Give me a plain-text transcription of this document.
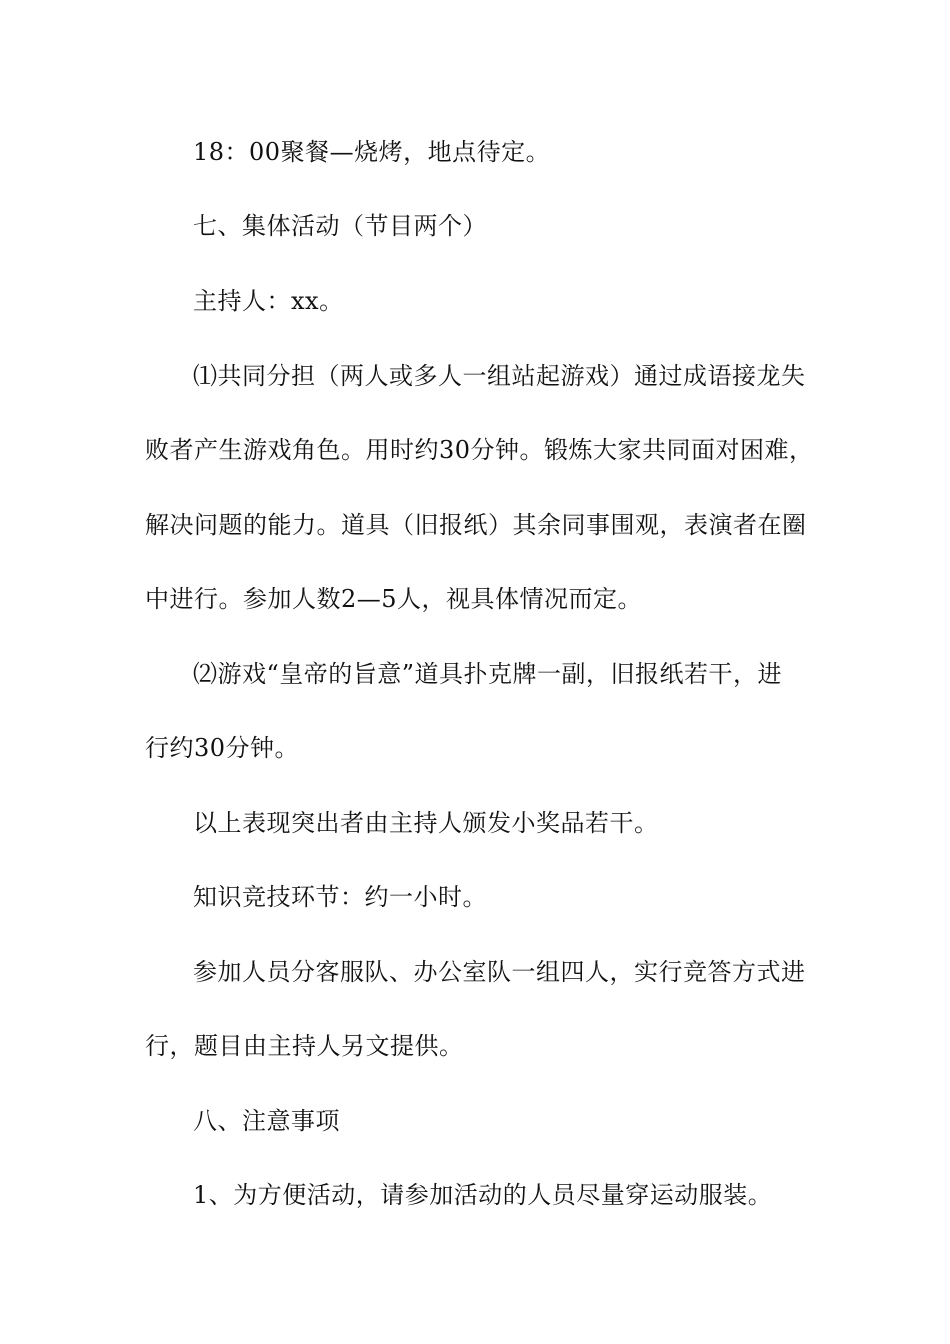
18：00聚餐—烧烤，地点待定。
七、集体活动（节目两个）
主持人：xx。
⑴共同分担（两人或多人一组站起游戏）通过成语接龙失
败者产生游戏角色。用时约30分钟。锻炼大家共同面对困难，
解决问题的能力。道具（旧报纸）其余同事围观，表演者在圈
中进行。参加人数2—5人，视具体情况而定。
⑵游戏“皇帝的旨意”道具扑克牌一副，旧报纸若干，进
行约30分钟。
以上表现突出者由主持人颁发小奖品若干。
知识竞技环节：约一小时。
参加人员分客服队、办公室队一组四人，实行竞答方式进
行，题目由主持人另文提供。
八、注意事项
1、为方便活动，请参加活动的人员尽量穿运动服装。
